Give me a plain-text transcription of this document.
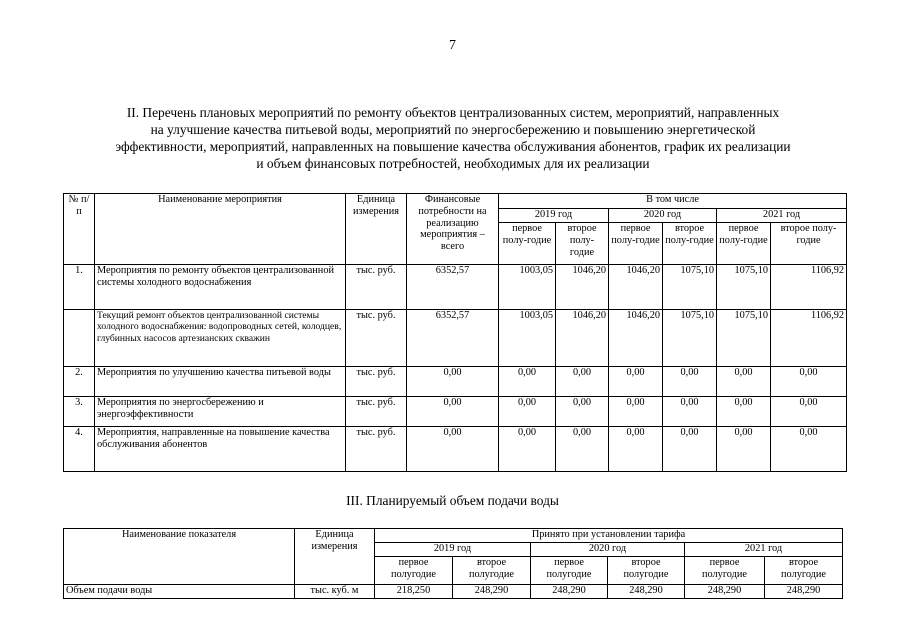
7
II. Перечень плановых мероприятий по ремонту объектов централизованных систем, мероприятий, направленных
на улучшение качества питьевой воды, мероприятий по энергосбережению и повышению энергетической
эффективности, мероприятий, направленных на повышение качества обслуживания абонентов, график их реализации
и объем финансовых потребностей, необходимых для их реализации
№ п/п	Наименование мероприятия	Единица измерения	Финансовые потребности на реализацию мероприятия – всего	В том числе					
				2019 год		2020 год		2021 год	
				первое полу-годие	второе полу-годие	первое полу-годие	второе полу-годие	первое полу-годие	второе полу-годие
1.	Мероприятия по ремонту объектов централизованной системы холодного водоснабжения	тыс. руб.	6352,57	1003,05	1046,20	1046,20	1075,10	1075,10	1106,92
	Текущий ремонт объектов централизованной системы холодного водоснабжения: водопроводных сетей, колодцев, глубинных насосов артезианских скважин	тыс. руб.	6352,57	1003,05	1046,20	1046,20	1075,10	1075,10	1106,92
2.	Мероприятия по улучшению качества питьевой воды	тыс. руб.	0,00	0,00	0,00	0,00	0,00	0,00	0,00
3.	Мероприятия по энергосбережению и энергоэффективности	тыс. руб.	0,00	0,00	0,00	0,00	0,00	0,00	0,00
4.	Мероприятия, направленные на повышение качества обслуживания абонентов	тыс. руб.	0,00	0,00	0,00	0,00	0,00	0,00	0,00
III. Планируемый объем подачи воды
Наименование показателя	Единица измерения	Принято при установлении тарифа					
		2019 год		2020 год		2021 год	
		первое полугодие	второе полугодие	первое полугодие	второе полугодие	первое полугодие	второе полугодие
Объем подачи воды	тыс. куб. м	218,250	248,290	248,290	248,290	248,290	248,290
